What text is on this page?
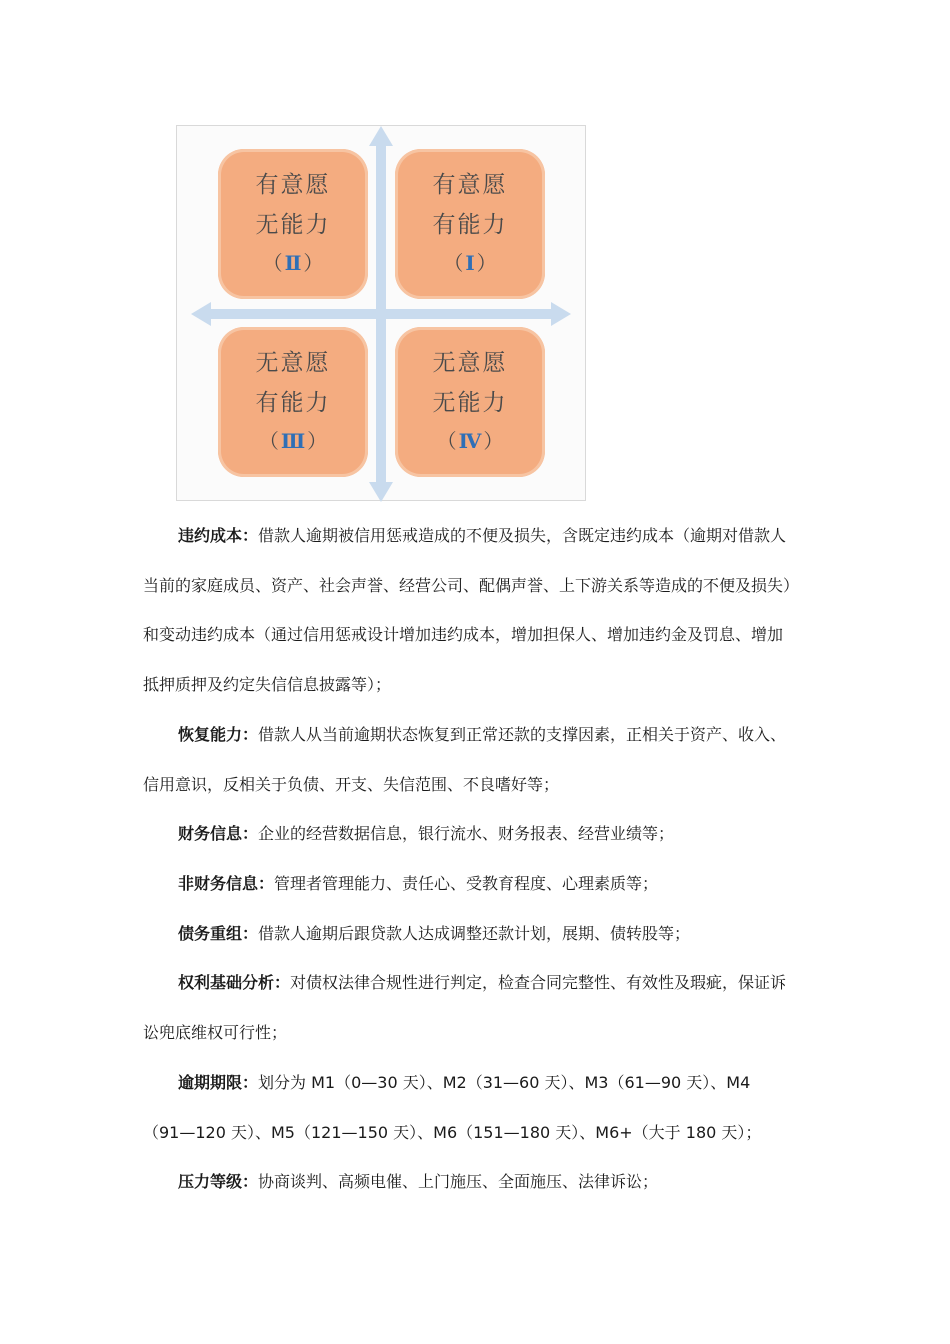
有意愿
无能力
（ Ⅱ ）
有意愿
有能力
（ Ⅰ ）
无意愿
有能力
（ Ⅲ ）
无意愿
无能力
（ Ⅳ ）
违约成本：借款人逾期被信用惩戒造成的不便及损失，含既定违约成本（逾期对借款人
当前的家庭成员、资产、社会声誉、经营公司、配偶声誉、上下游关系等造成的不便及损失）
和变动违约成本（通过信用惩戒设计增加违约成本，增加担保人、增加违约金及罚息、增加
抵押质押及约定失信信息披露等）；
恢复能力：借款人从当前逾期状态恢复到正常还款的支撑因素，正相关于资产、收入、
信用意识，反相关于负债、开支、失信范围、不良嗜好等；
财务信息：企业的经营数据信息，银行流水、财务报表、经营业绩等；
非财务信息：管理者管理能力、责任心、受教育程度、心理素质等；
债务重组：借款人逾期后跟贷款人达成调整还款计划，展期、债转股等；
权利基础分析：对债权法律合规性进行判定，检查合同完整性、有效性及瑕疵，保证诉
讼兜底维权可行性；
逾期期限：划分为 M1（0—30 天）、M2（31—60 天）、M3（61—90 天）、M4
（91—120 天）、M5（121—150 天）、M6（151—180 天）、M6+（大于 180 天）；
压力等级：协商谈判、高频电催、上门施压、全面施压、法律诉讼；
